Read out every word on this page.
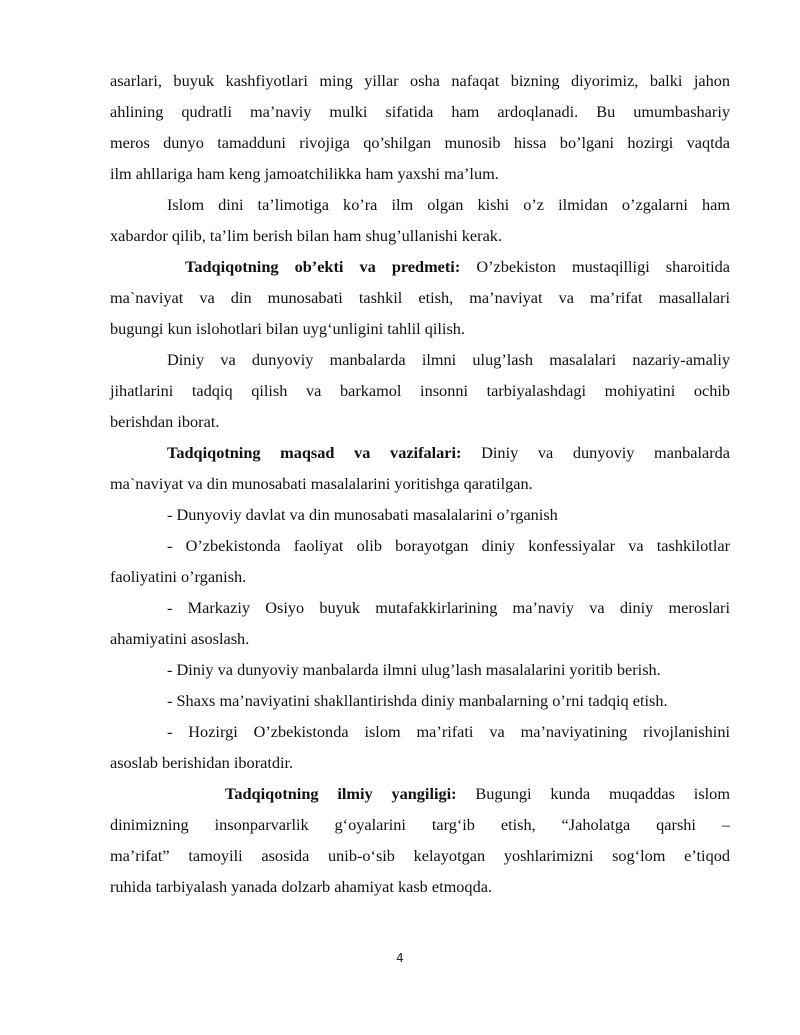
asarlari, buyuk kashfiyotlari ming yillar osha nafaqat bizning diyorimiz, balki jahon
ahlining qudratli ma’naviy mulki sifatida ham ardoqlanadi. Bu umumbashariy
meros dunyo tamadduni rivojiga qo’shilgan munosib hissa bo’lgani hozirgi vaqtda
ilm ahllariga ham keng jamoatchilikka ham yaxshi ma’lum.
Islom dini ta’limotiga ko’ra ilm olgan kishi o’z ilmidan o’zgalarni ham
xabardor qilib, ta’lim berish bilan ham shug’ullanishi kerak.
Tadqiqotning ob’ekti va predmeti: O’zbekiston mustaqilligi sharoitida
ma`naviyat va din munosabati tashkil etish, ma’naviyat va ma’rifat masallalari
bugungi kun islohotlari bilan uyg‘unligini tahlil qilish.
Diniy va dunyoviy manbalarda ilmni ulug’lash masalalari nazariy-amaliy
jihatlarini tadqiq qilish va barkamol insonni tarbiyalashdagi mohiyatini ochib
berishdan iborat.
Tadqiqotning maqsad va vazifalari: Diniy va dunyoviy manbalarda
ma`naviyat va din munosabati masalalarini yoritishga qaratilgan.
- Dunyoviy davlat va din munosabati masalalarini o’rganish
- O’zbekistonda faoliyat olib borayotgan diniy konfessiyalar va tashkilotlar
faoliyatini o’rganish.
- Markaziy Osiyo buyuk mutafakkirlarining ma’naviy va diniy meroslari
ahamiyatini asoslash.
- Diniy va dunyoviy manbalarda ilmni ulug’lash masalalarini yoritib berish.
- Shaxs ma’naviyatini shakllantirishda diniy manbalarning o’rni tadqiq etish.
- Hozirgi O’zbekistonda islom ma’rifati va ma’naviyatining rivojlanishini
asoslab berishidan iboratdir.
Tadqiqotning ilmiy yangiligi: Bugungi kunda muqaddas islom
dinimizning insonparvarlik g‘oyalarini targ‘ib etish, “Jaholatga qarshi –
ma’rifat” tamoyili asosida unib-o‘sib kelayotgan yoshlarimizni sog‘lom e’tiqod
ruhida tarbiyalash yanada dolzarb ahamiyat kasb etmoqda.
4
